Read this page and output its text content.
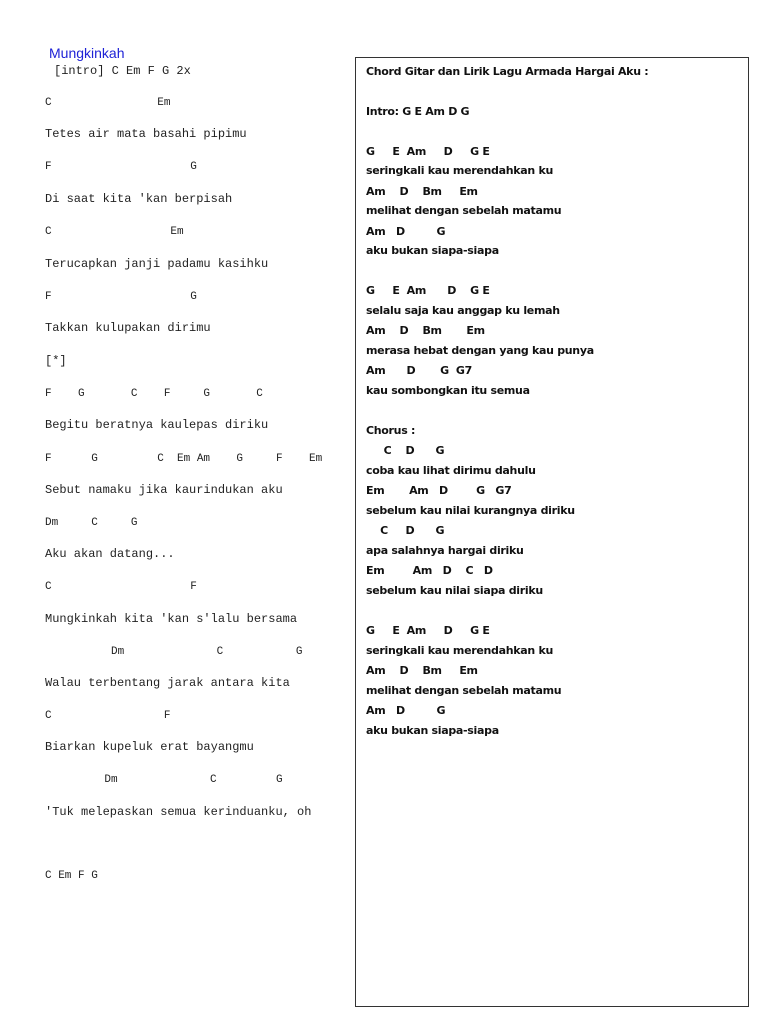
Mungkinkah
[intro] C Em F G 2x
C                Em
Tetes air mata basahi pipimu
F                     G
Di saat kita 'kan berpisah
C                  Em
Terucapkan janji padamu kasihku
F                     G
Takkan kulupakan dirimu
[*]
F    G       C    F     G       C
Begitu beratnya kaulepas diriku
F      G         C  Em Am    G     F    Em
Sebut namaku jika kaurindukan aku
Dm     C     G
Aku akan datang...
C                     F
Mungkinkah kita 'kan s'lalu bersama
Dm              C           G
Walau terbentang jarak antara kita
C                 F
Biarkan kupeluk erat bayangmu
Dm              C         G
'Tuk melepaskan semua kerinduanku, oh
C Em F G
Chord Gitar dan Lirik Lagu Armada Hargai Aku :
Intro: G E Am D G
G     E  Am     D     G E
seringkali kau merendahkan ku
Am    D    Bm     Em
melihat dengan sebelah matamu
Am   D         G
aku bukan siapa-siapa
G     E  Am      D    G E
selalu saja kau anggap ku lemah
Am    D    Bm       Em
merasa hebat dengan yang kau punya
Am      D       G  G7
kau sombongkan itu semua
Chorus :
C    D      G
coba kau lihat dirimu dahulu
Em       Am   D        G   G7
sebelum kau nilai kurangnya diriku
C     D      G
apa salahnya hargai diriku
Em        Am   D    C   D
sebelum kau nilai siapa diriku
G     E  Am     D     G E
seringkali kau merendahkan ku
Am    D    Bm     Em
melihat dengan sebelah matamu
Am   D         G
aku bukan siapa-siapa
